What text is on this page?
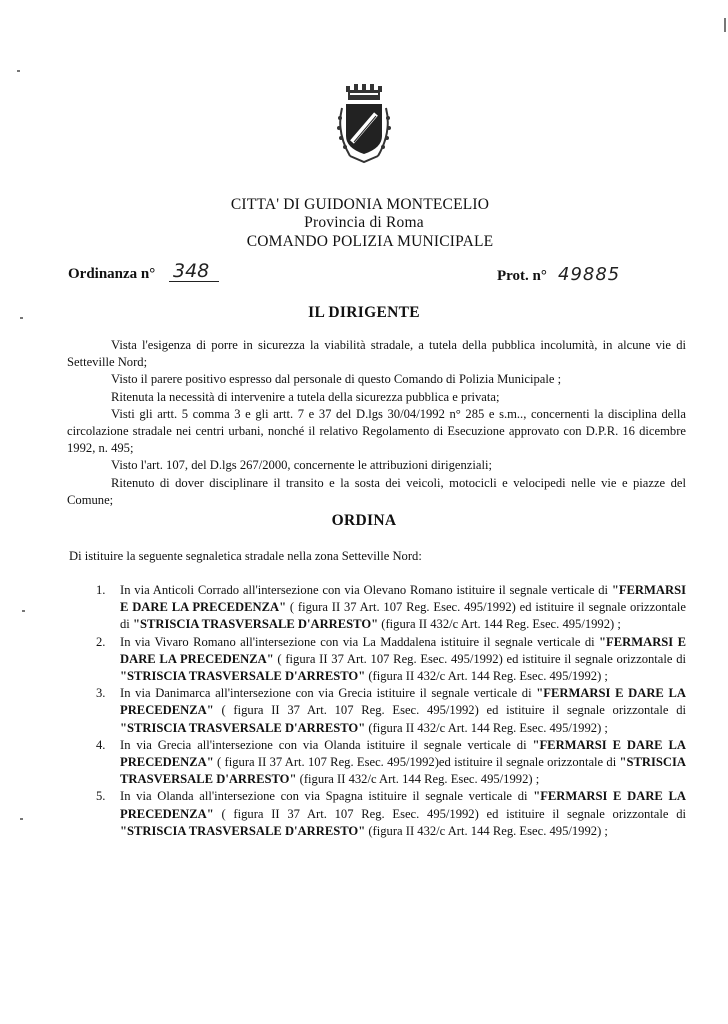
CITTA' DI GUIDONIA MONTECELIO
Provincia di Roma
COMANDO POLIZIA MUNICIPALE
Ordinanza n° 348	Prot. n° 49885
IL DIRIGENTE

Vista l'esigenza di porre in sicurezza la viabilità stradale, a tutela della pubblica incolumità, in alcune vie di Setteville Nord;

Visto il parere positivo espresso dal personale di questo Comando di Polizia Municipale ;

Ritenuta la necessità di intervenire a tutela della sicurezza pubblica e privata;

Visti gli artt. 5 comma 3 e gli artt. 7 e 37 del D.lgs 30/04/1992 n° 285 e s.m.., concernenti la disciplina della circolazione stradale nei centri urbani, nonché il relativo Regolamento di Esecuzione approvato con D.P.R. 16 dicembre 1992, n. 495;

Visto l'art. 107, del D.lgs 267/2000, concernente le attribuzioni dirigenziali;

Ritenuto di dover disciplinare il transito e la sosta dei veicoli, motocicli e velocipedi nelle vie e piazze del Comune;

ORDINA
Di istituire la seguente segnaletica stradale nella zona Setteville Nord:
1. In via Anticoli Corrado all'intersezione con via Olevano Romano istituire il segnale verticale di "FERMARSI E DARE LA PRECEDENZA" ( figura II 37 Art. 107 Reg. Esec. 495/1992) ed istituire il segnale orizzontale di "STRISCIA TRASVERSALE D'ARRESTO" (figura II 432/c Art. 144 Reg. Esec. 495/1992) ;
2. In via Vivaro Romano all'intersezione con via La Maddalena istituire il segnale verticale di "FERMARSI E DARE LA PRECEDENZA" ( figura II 37 Art. 107 Reg. Esec. 495/1992) ed istituire il segnale orizzontale di "STRISCIA TRASVERSALE D'ARRESTO" (figura II 432/c Art. 144 Reg. Esec. 495/1992) ;
3. In via Danimarca all'intersezione con via Grecia istituire il segnale verticale di "FERMARSI E DARE LA PRECEDENZA" ( figura II 37 Art. 107 Reg. Esec. 495/1992) ed istituire il segnale orizzontale di "STRISCIA TRASVERSALE D'ARRESTO" (figura II 432/c Art. 144 Reg. Esec. 495/1992) ;
4. In via Grecia all'intersezione con via Olanda istituire il segnale verticale di "FERMARSI E DARE LA PRECEDENZA" ( figura II 37 Art. 107 Reg. Esec. 495/1992)ed istituire il segnale orizzontale di "STRISCIA TRASVERSALE D'ARRESTO" (figura II 432/c Art. 144 Reg. Esec. 495/1992) ;
5. In via Olanda all'intersezione con via Spagna istituire il segnale verticale di "FERMARSI E DARE LA PRECEDENZA" ( figura II 37 Art. 107 Reg. Esec. 495/1992) ed istituire il segnale orizzontale di "STRISCIA TRASVERSALE D'ARRESTO" (figura II 432/c Art. 144 Reg. Esec. 495/1992) ;
